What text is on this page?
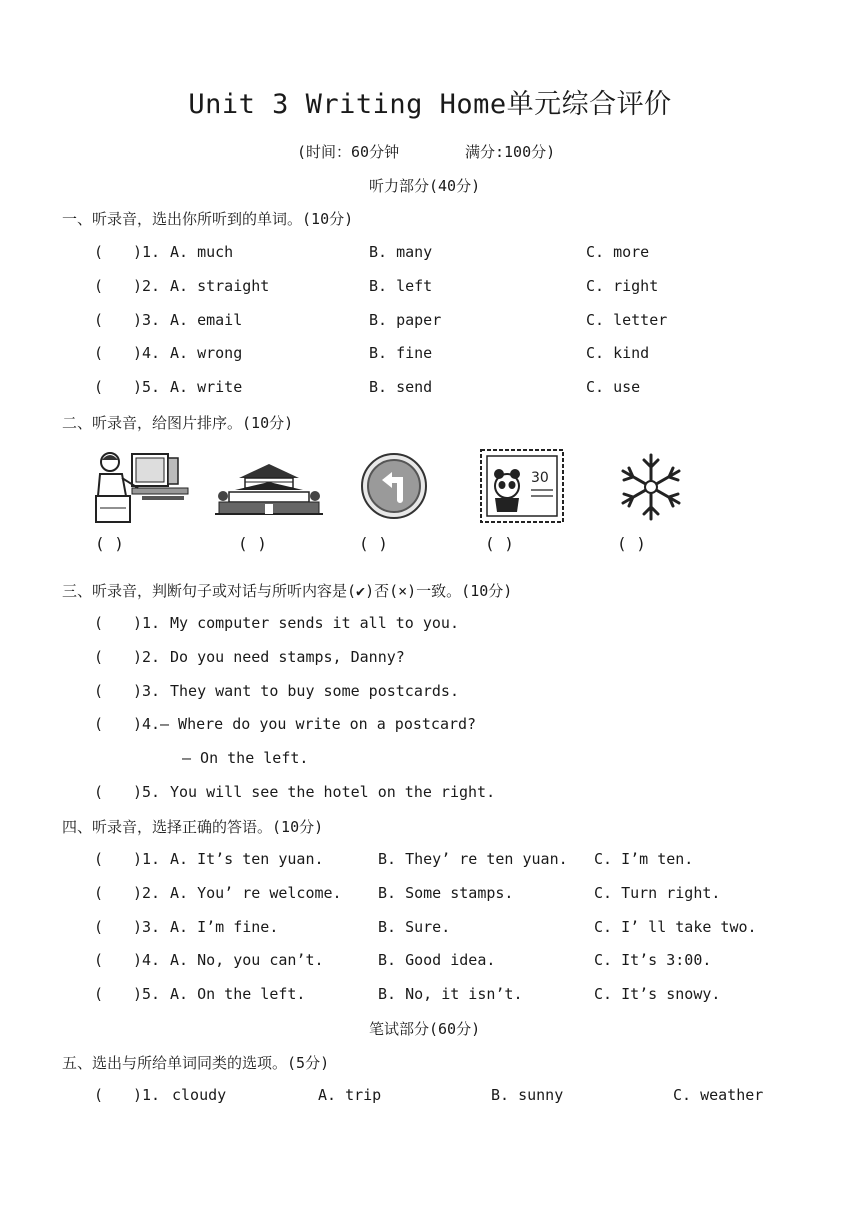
Unit 3 Writing Home单元综合评价
(时间：60分钟	满分:100分)
听力部分(40分)
一、听录音，选出你所听到的单词。(10分)
( )1. A. much	B. many	C. more
( )2. A. straight	B. left	C. right
( )3. A. email	B. paper	C. letter
( )4. A. wrong	B. fine	C. kind
( )5. A. write	B. send	C. use
二、听录音，给图片排序。(10分)
30
( )	( )	( )	( )	( )
三、听录音，判断句子或对话与所听内容是(✔)否(×)一致。(10分)
( )1. My computer sends it all to you.
( )2. Do you need stamps, Danny?
( )3. They want to buy some postcards.
( )4. — Where do you write on a postcard?
— On the left.
( )5. You will see the hotel on the right.
四、听录音，选择正确的答语。(10分)
( )1. A. It’s ten yuan.	B. They’ re ten yuan. C. I’m ten.
( )2. A. You’ re welcome. B. Some stamps.	C. Turn right.
( )3. A. I’m fine.	B. Sure.	C. I’ ll take two.
( )4. A. No, you can’t.	B. Good idea.	C. It’s 3:00.
( )5. A. On the left.	B. No, it isn’t.	C. It’s snowy.
笔试部分(60分)
五、选出与所给单词同类的选项。(5分)
( )1. cloudy	A. trip	B. sunny	C. weather
